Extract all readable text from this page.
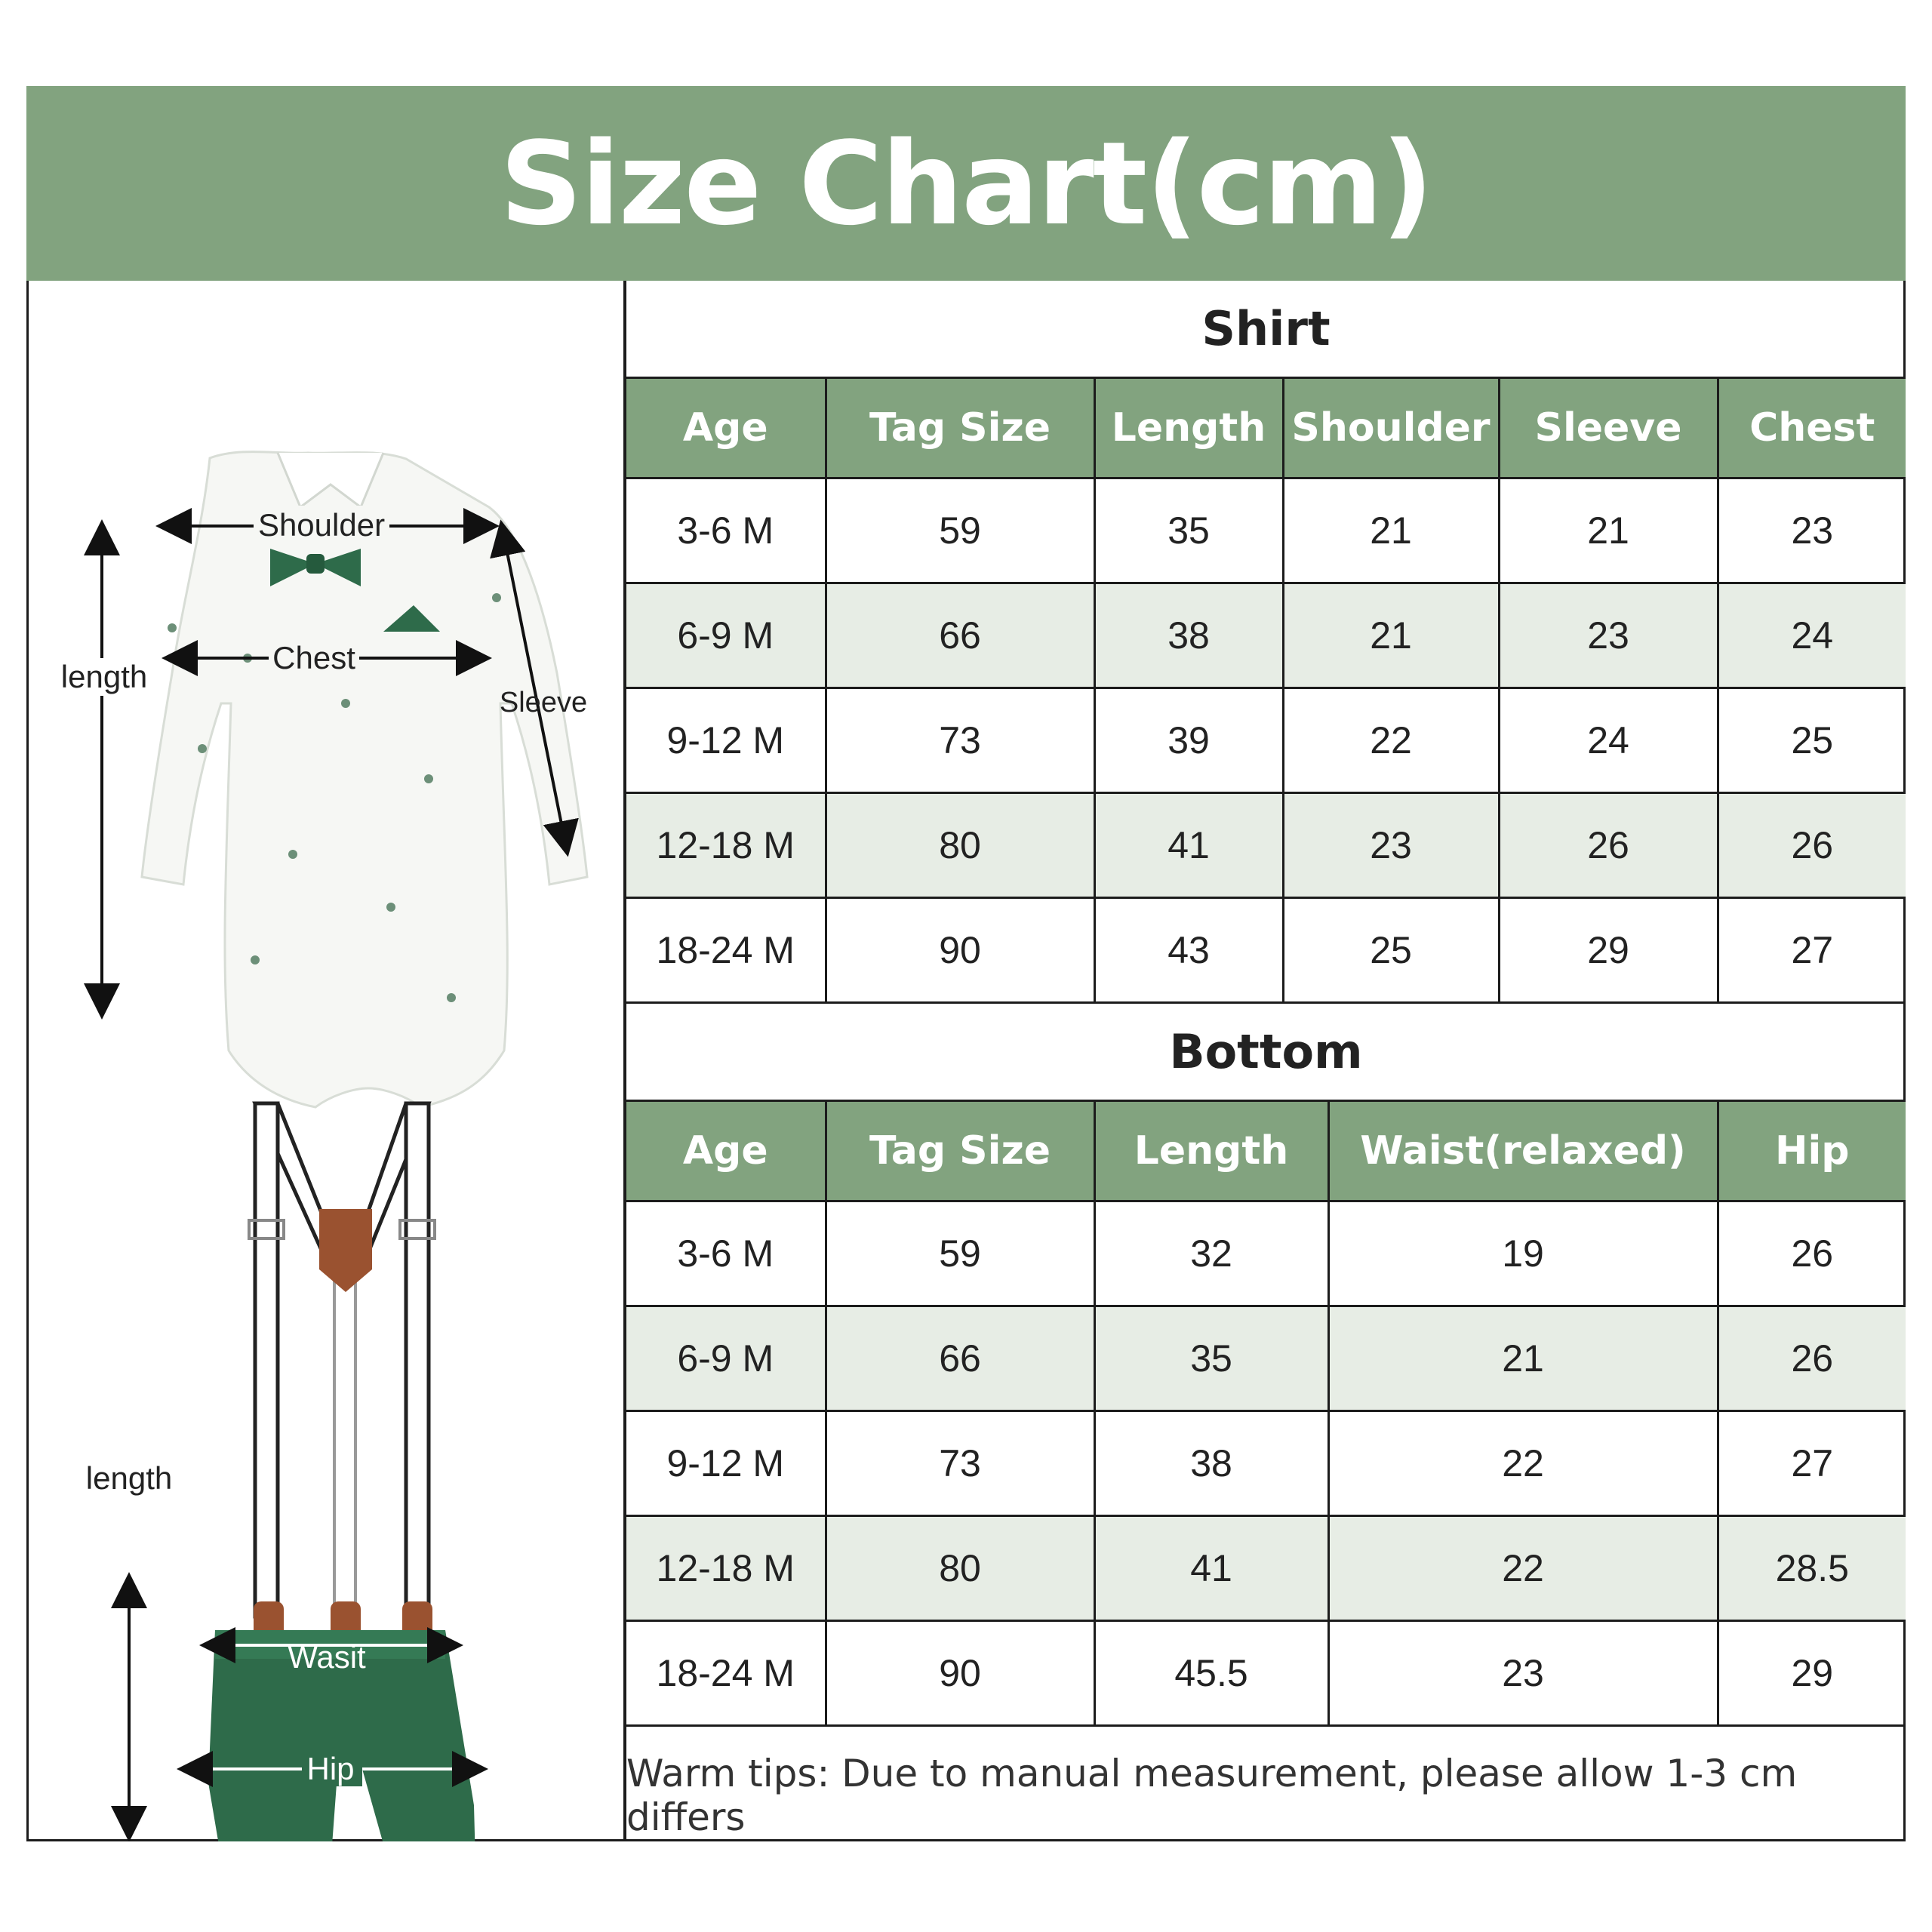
Size Chart(cm)
Shoulder
Chest
length
Sleeve
Wasit
Hip
length
Shirt
Age	Tag Size	Length	Shoulder	Sleeve	Chest
3-6 M	59	35	21	21	23
6-9 M	66	38	21	23	24
9-12 M	73	39	22	24	25
12-18 M	80	41	23	26	26
18-24 M	90	43	25	29	27
Bottom
Age	Tag Size	Length	Waist(relaxed)	Hip
3-6 M	59	32	19	26
6-9 M	66	35	21	26
9-12 M	73	38	22	27
12-18 M	80	41	22	28.5
18-24 M	90	45.5	23	29
Warm tips: Due to manual measurement, please allow 1-3 cm differs
